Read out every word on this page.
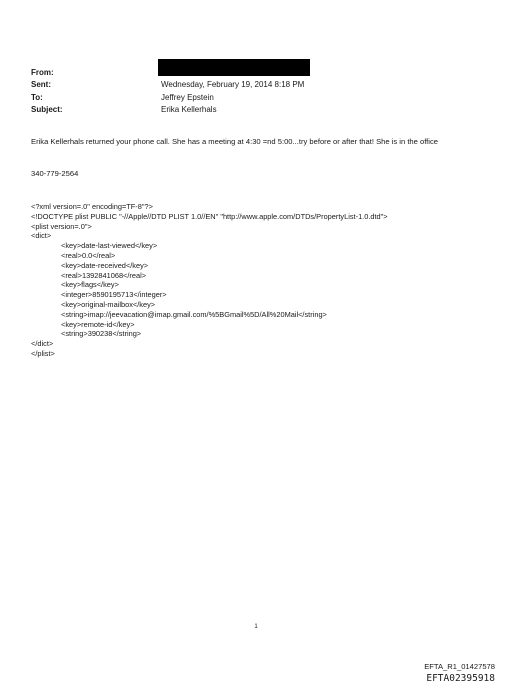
From:
Sent:	Wednesday, February 19, 2014 8:18 PM
To:	Jeffrey Epstein
Subject:	Erika Kellerhals
Erika Kellerhals returned your phone call. She has a meeting at 4:30 =nd 5:00...try before or after that! She is in the office
340-779-2564
<?xml version=.0" encoding=TF-8"?>
<!DOCTYPE plist PUBLIC "-//Apple//DTD PLIST 1.0//EN" "http://www.apple.com/DTDs/PropertyList-1.0.dtd">
<plist version=.0">
<dict>
<key>date-last-viewed</key>
<real>0.0</real>
<key>date-received</key>
<real>1392841068</real>
<key>flags</key>
<integer>8590195713</integer>
<key>original-mailbox</key>
<string>imap://jeevacation@imap.gmail.com/%5BGmail%5D/All%20Mail</string>
<key>remote-id</key>
<string>390238</string>
</dict>
</plist>
1
EFTA_R1_01427578
EFTA02395918
